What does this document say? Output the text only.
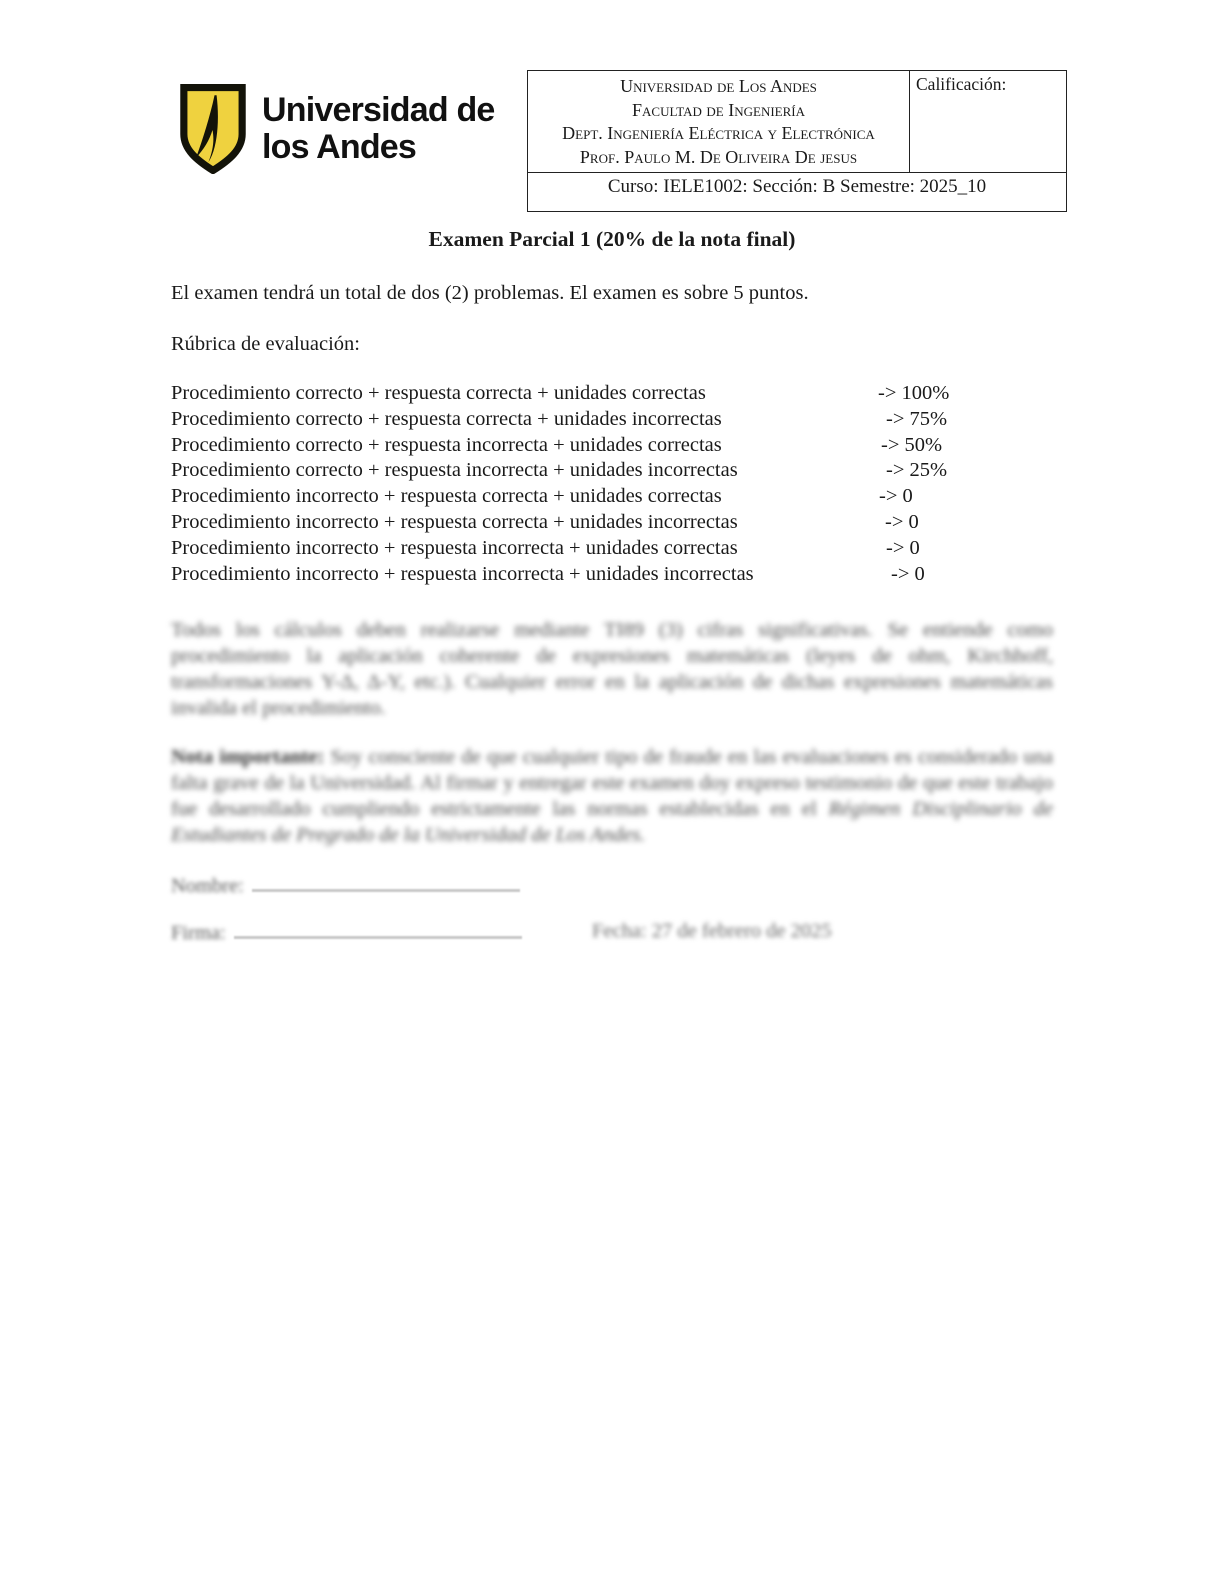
Universidad de
los Andes
Universidad de Los Andes
Facultad de Ingeniería
Dept. Ingeniería Eléctrica y Electrónica
Prof. Paulo M. De Oliveira De jesus
	Calificación:
Curso: IELE1002: Sección: B Semestre: 2025_10
Examen Parcial 1 (20% de la nota final)

El examen tendrá un total de dos (2) problemas. El examen es sobre 5 puntos.

Rúbrica de evaluación:

Procedimiento correcto + respuesta correcta + unidades correctas	-> 100%
Procedimiento correcto + respuesta correcta + unidades incorrectas	-> 75%
Procedimiento correcto + respuesta incorrecta + unidades correctas	-> 50%
Procedimiento correcto + respuesta incorrecta + unidades incorrectas	-> 25%
Procedimiento incorrecto + respuesta correcta + unidades correctas	-> 0
Procedimiento incorrecto + respuesta correcta + unidades incorrectas	-> 0
Procedimiento incorrecto + respuesta incorrecta + unidades correctas	-> 0
Procedimiento incorrecto + respuesta incorrecta + unidades incorrectas	-> 0

Todos los cálculos deben realizarse mediante TI89 (3) cifras significativas. Se entiende como procedimiento la aplicación coherente de expresiones matemáticas (leyes de ohm, Kirchhoff, transformaciones Y-Δ, Δ-Y, etc.). Cualquier error en la aplicación de dichas expresiones matemáticas invalida el procedimiento.

Nota importante: Soy consciente de que cualquier tipo de fraude en las evaluaciones es considerado una falta grave de la Universidad. Al firmar y entregar este examen doy expreso testimonio de que este trabajo fue desarrollado cumpliendo estrictamente las normas establecidas en el Régimen Disciplinario de Estudiantes de Pregrado de la Universidad de Los Andes.

Nombre:
Firma:	Fecha: 27 de febrero de 2025
